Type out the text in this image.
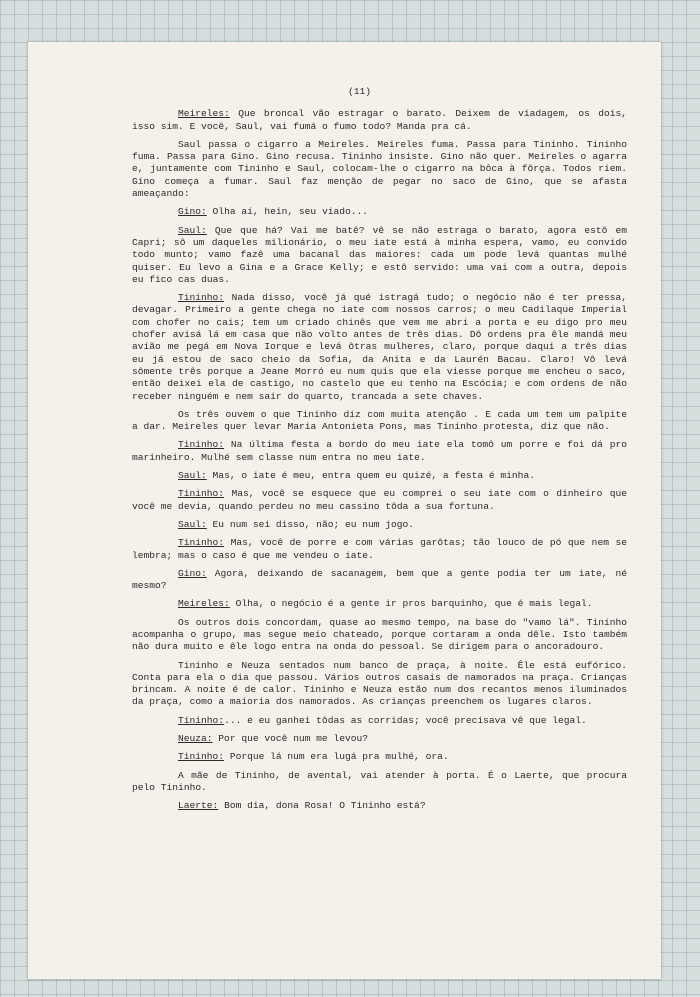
(11)

Meireles: Que broncal vão estragar o barato. Deixem de viadagem, os dois, isso sim. E você, Saul, vai fumá o fumo todo? Manda pra cá.

Saul passa o cigarro a Meireles. Meireles fuma. Passa para Tininho. Tininho fuma. Passa para Gino. Gino recusa. Tininho insiste. Gino não quer. Meireles o agarra e, juntamente com Tininho e Saul, colocam-lhe o cigarro na bôca à fôrça. Todos riem. Gino começa a fumar. Saul faz menção de pegar no saco de Gino, que se afasta ameaçando:

Gino: Olha aí, hein, seu viado...

Saul: Que que há? Vai me batê? vê se não estraga o barato, agora estô em Capri; sô um daqueles milionário, o meu iate está à minha espera, vamo, eu convido todo munto; vamo fazê uma bacanal das maiores: cada um pode levá quantas mulhé quiser. Eu levo a Gina e a Grace Kelly; e estô servido: uma vai com a outra, depois eu fico cas duas.

Tininho: Nada disso, você já qué istragá tudo; o negócio não é ter pressa, devagar. Primeiro a gente chega no iate com nossos carros; o meu Cadilaque Imperial com chofer no cais; tem um criado chinês que vem me abri a porta e eu digo pro meu chofer avisá lá em casa que não volto antes de três dias. Dô ordens pra êle mandá meu avião me pegá em Nova Iorque e levá ôtras mulheres, claro, porque daqui a três dias eu já estou de saco cheio da Sofia, da Anita e da Laurén Bacau. Claro! Vô levá sômente três porque a Jeane Morró eu num quis que ela viesse porque me encheu o saco, então deixei ela de castigo, no castelo que eu tenho na Escócia; e com ordens de não receber ninguém e nem sair do quarto, trancada a sete chaves.

Os três ouvem o que Tininho diz com muita atenção . E cada um tem um palpite a dar. Meireles quer levar Maria Antonieta Pons, mas Tininho protesta, diz que não.

Tininho: Na última festa a bordo do meu iate ela tomô um porre e foi dá pro marinheiro. Mulhé sem classe num entra no meu iate.

Saul: Mas, o iate é meu, entra quem eu quizé, a festa é minha.

Tininho: Mas, você se esquece que eu comprei o seu iate com o dinheiro que você me devia, quando perdeu no meu cassino tôda a sua fortuna.

Saul: Eu num sei disso, não; eu num jogo.

Tininho: Mas, você de porre e com várias garôtas; tão louco de pó que nem se lembra; mas o caso é que me vendeu o iate.

Gino: Agora, deixando de sacanagem, bem que a gente podia ter um iate, né mesmo?

Meireles: Olha, o negócio é a gente ir pros barquinho, que é mais legal.

Os outros dois concordam, quase ao mesmo tempo, na base do "vamo lá". Tininho acompanha o grupo, mas segue meio chateado, porque cortaram a onda dêle. Isto também não dura muito e êle logo entra na onda do pessoal. Se dirigem para o ancoradouro.

Tininho e Neuza sentados num banco de praça, à noite. Êle está eufórico. Conta para ela o dia que passou. Vários outros casais de namorados na praça. Crianças brincam. A noite é de calor. Tininho e Neuza estão num dos recantos menos iluminados da praça, como a maioria dos namorados. As crianças preenchem os lugares claros.

Tininho:... e eu ganhei tôdas as corridas; você precisava vê que legal.

Neuza: Por que você num me levou?

Tininho: Porque lá num era lugá pra mulhé, ora.

A mãe de Tininho, de avental, vai atender à porta. É o Laerte, que procura pelo Tininho.

Laerte: Bom dia, dona Rosa! O Tininho está?
